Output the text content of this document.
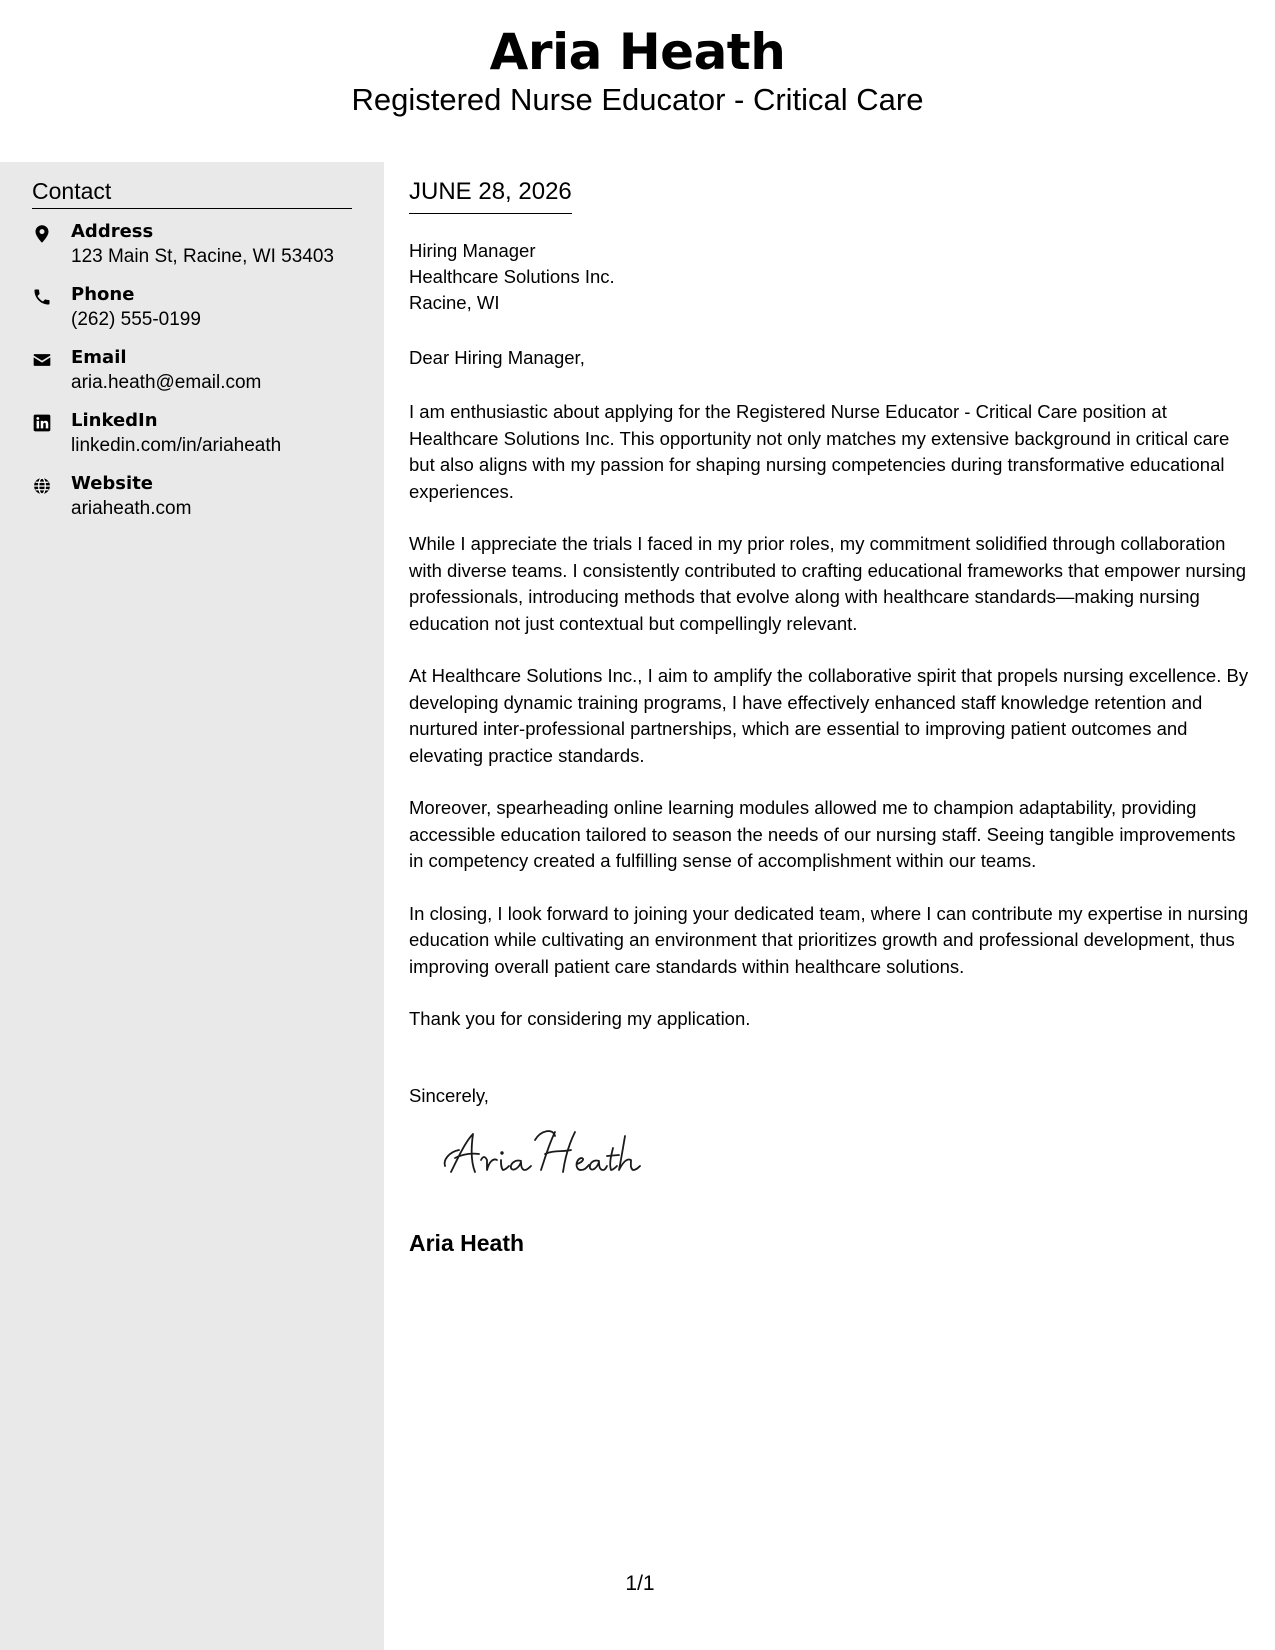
Aria Heath
Registered Nurse Educator - Critical Care
Contact
Address
123 Main St, Racine, WI 53403
Phone
(262) 555-0199
Email
aria.heath@email.com
LinkedIn
linkedin.com/in/ariaheath
Website
ariaheath.com
JUNE 28, 2026
Hiring Manager
Healthcare Solutions Inc.
Racine, WI
Dear Hiring Manager,

I am enthusiastic about applying for the Registered Nurse Educator - Critical Care position at Healthcare Solutions Inc. This opportunity not only matches my extensive background in critical care but also aligns with my passion for shaping nursing competencies during transformative educational experiences.

While I appreciate the trials I faced in my prior roles, my commitment solidified through collaboration with diverse teams. I consistently contributed to crafting educational frameworks that empower nursing professionals, introducing methods that evolve along with healthcare standards—making nursing education not just contextual but compellingly relevant.

At Healthcare Solutions Inc., I aim to amplify the collaborative spirit that propels nursing excellence. By developing dynamic training programs, I have effectively enhanced staff knowledge retention and nurtured inter-professional partnerships, which are essential to improving patient outcomes and elevating practice standards.

Moreover, spearheading online learning modules allowed me to champion adaptability, providing accessible education tailored to season the needs of our nursing staff. Seeing tangible improvements in competency created a fulfilling sense of accomplishment within our teams.

In closing, I look forward to joining your dedicated team, where I can contribute my expertise in nursing education while cultivating an environment that prioritizes growth and professional development, thus improving overall patient care standards within healthcare solutions.

Thank you for considering my application.

Sincerely,
Aria Heath
1/1
